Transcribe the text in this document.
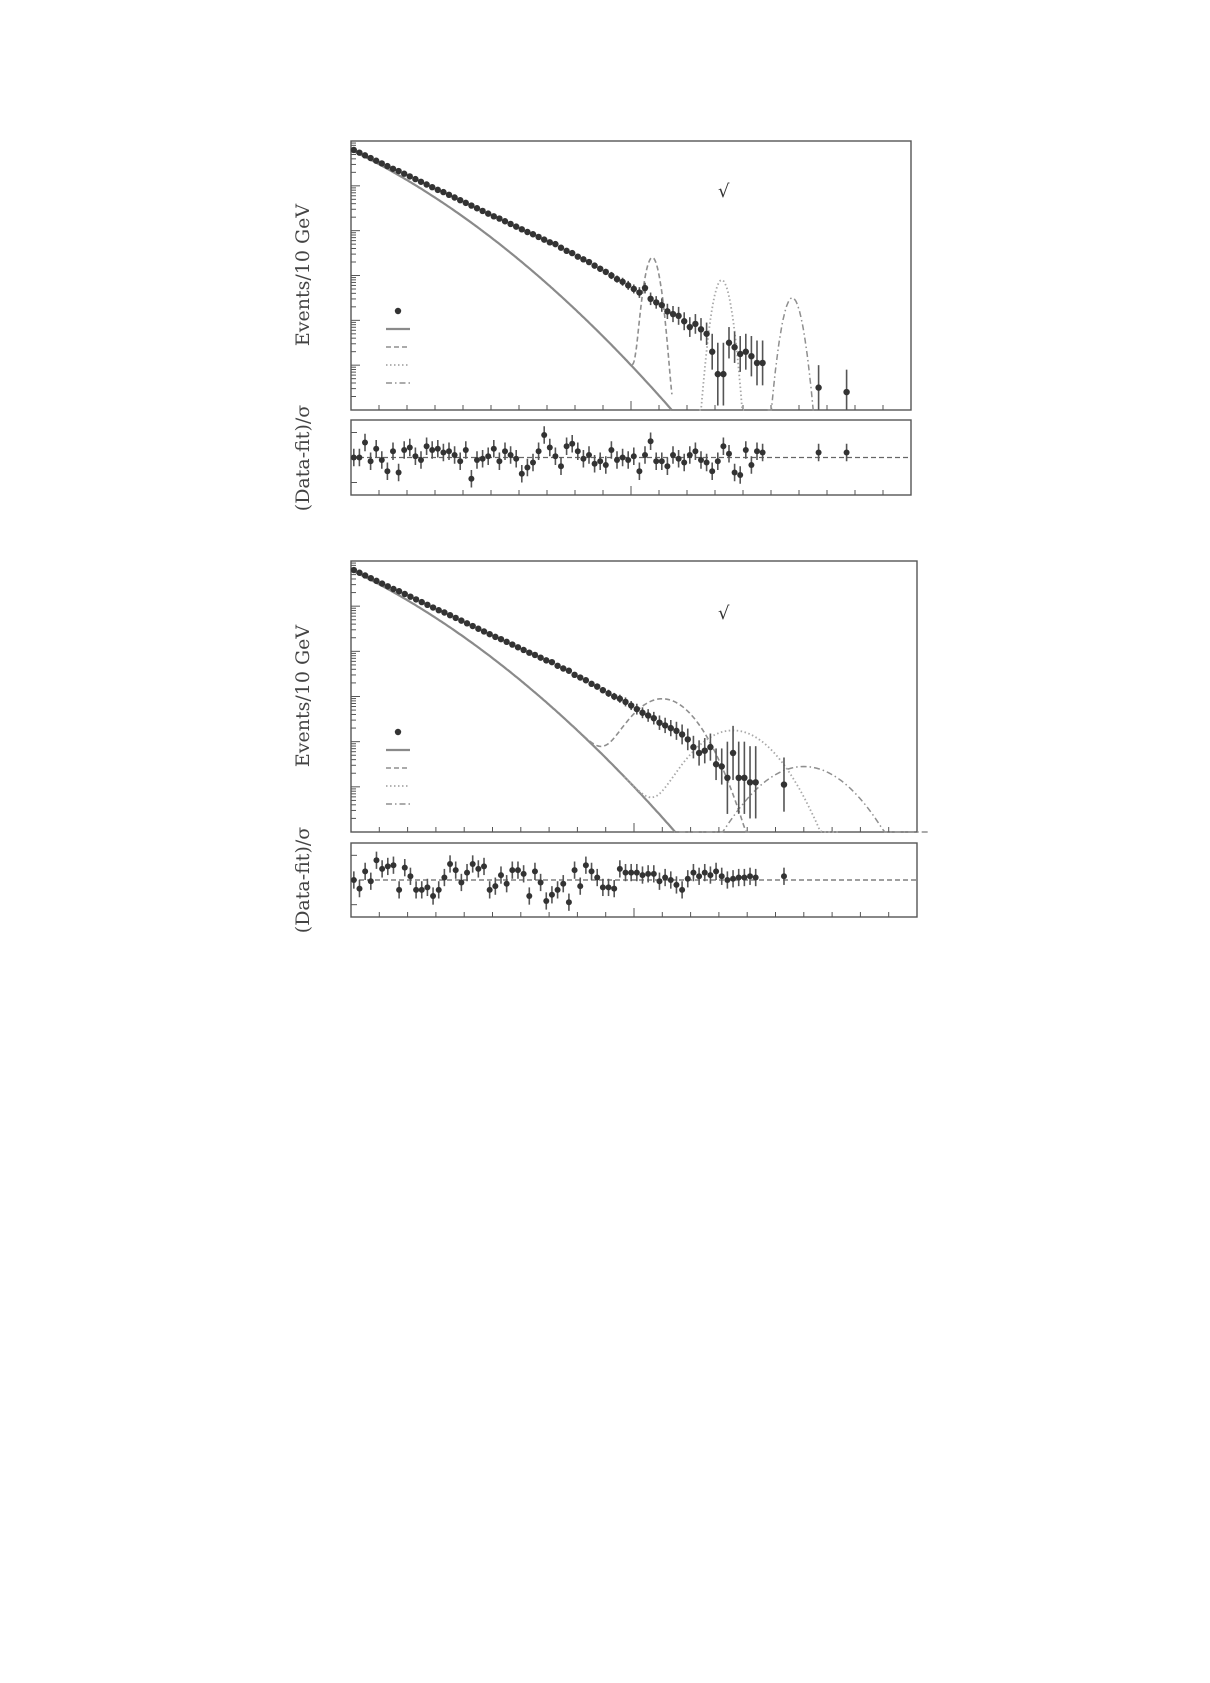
√
Events/10 GeV
(Data-fit)/σ
√
Events/10 GeV
(Data-fit)/σ
